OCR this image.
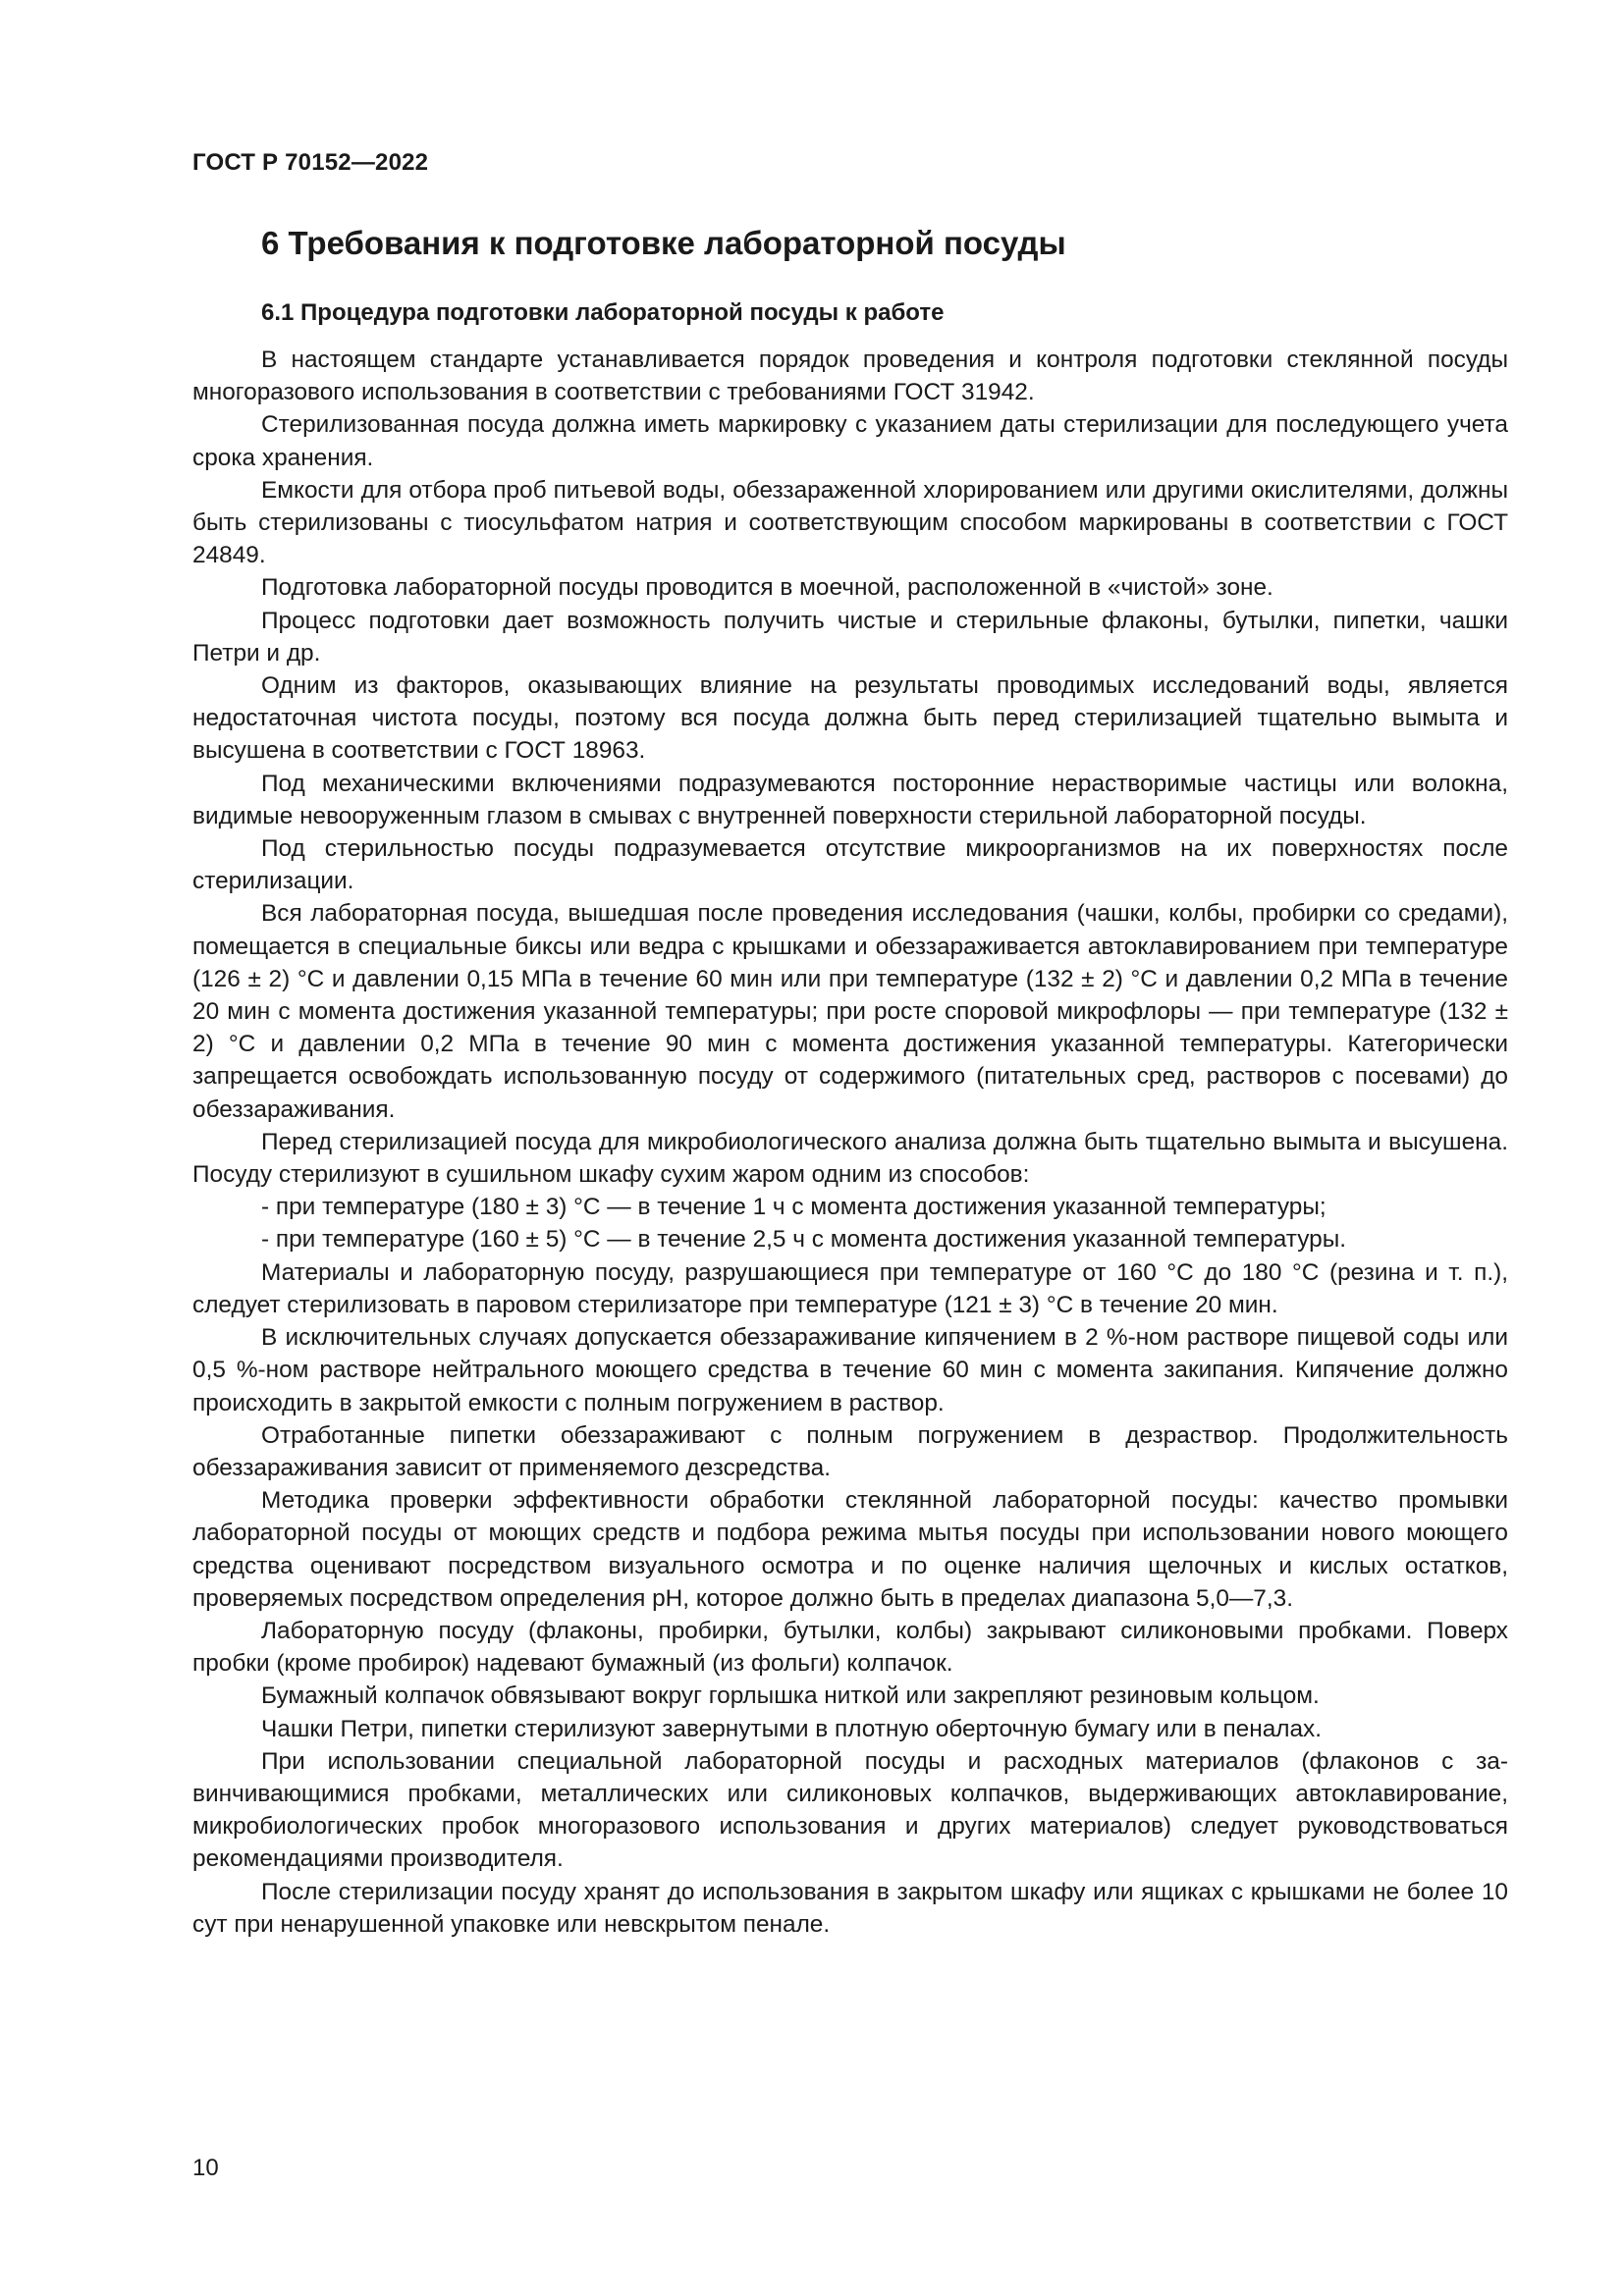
ГОСТ Р 70152—2022

6 Требования к подготовке лабораторной посуды
6.1 Процедура подготовки лабораторной посуды к работе

В настоящем стандарте устанавливается порядок проведения и контроля подготовки стеклянной посуды многоразового использования в соответствии с требованиями ГОСТ 31942.

Стерилизованная посуда должна иметь маркировку с указанием даты стерилизации для последующего учета срока хранения.

Емкости для отбора проб питьевой воды, обеззараженной хлорированием или другими окислителями, должны быть стерилизованы с тиосульфатом натрия и соответствующим способом маркированы в соответствии с ГОСТ 24849.

Подготовка лабораторной посуды проводится в моечной, расположенной в «чистой» зоне.

Процесс подготовки дает возможность получить чистые и стерильные флаконы, бутылки, пипетки, чашки Петри и др.

Одним из факторов, оказывающих влияние на результаты проводимых исследований воды, является недостаточная чистота посуды, поэтому вся посуда должна быть перед стерилизацией тщательно вымыта и высушена в соответствии с ГОСТ 18963.

Под механическими включениями подразумеваются посторонние нерастворимые частицы или волокна, видимые невооруженным глазом в смывах с внутренней поверхности стерильной лабораторной посуды.

Под стерильностью посуды подразумевается отсутствие микроорганизмов на их поверхностях после стерилизации.

Вся лабораторная посуда, вышедшая после проведения исследования (чашки, колбы, пробирки со средами), помещается в специальные биксы или ведра с крышками и обеззараживается автоклавированием при температуре (126 ± 2) °С и давлении 0,15 МПа в течение 60 мин или при температуре (132 ± 2) °С и давлении 0,2 МПа в течение 20 мин с момента достижения указанной температуры; при росте споровой микрофлоры — при температуре (132 ± 2) °С и давлении 0,2 МПа в течение 90 мин с момента достижения указанной температуры. Категорически запрещается освобождать использованную посуду от содержимого (питательных сред, растворов с посевами) до обеззараживания.

Перед стерилизацией посуда для микробиологического анализа должна быть тщательно вымыта и высушена. Посуду стерилизуют в сушильном шкафу сухим жаром одним из способов:

- при температуре (180 ± 3) °С — в течение 1 ч с момента достижения указанной температуры;

- при температуре (160 ± 5) °С — в течение 2,5 ч с момента достижения указанной температуры.

Материалы и лабораторную посуду, разрушающиеся при температуре от 160 °С до 180 °С (резина и т. п.), следует стерилизовать в паровом стерилизаторе при температуре (121 ± 3) °С в течение 20 мин.

В исключительных случаях допускается обеззараживание кипячением в 2 %-ном растворе пищевой соды или 0,5 %-ном растворе нейтрального моющего средства в течение 60 мин с момента закипания. Кипячение должно происходить в закрытой емкости с полным погружением в раствор.

Отработанные пипетки обеззараживают с полным погружением в дезраствор. Продолжительность обеззараживания зависит от применяемого дезсредства.

Методика проверки эффективности обработки стеклянной лабораторной посуды: качество промывки лабораторной посуды от моющих средств и подбора режима мытья посуды при использовании нового моющего средства оценивают посредством визуального осмотра и по оценке наличия щелочных и кислых остатков, проверяемых посредством определения pH, которое должно быть в пределах диапазона 5,0—7,3.

Лабораторную посуду (флаконы, пробирки, бутылки, колбы) закрывают силиконовыми пробками. Поверх пробки (кроме пробирок) надевают бумажный (из фольги) колпачок.

Бумажный колпачок обвязывают вокруг горлышка ниткой или закрепляют резиновым кольцом.

Чашки Петри, пипетки стерилизуют завернутыми в плотную оберточную бумагу или в пеналах.

При использовании специальной лабораторной посуды и расходных материалов (флаконов с завинчивающимися пробками, металлических или силиконовых колпачков, выдерживающих автоклавирование, микробиологических пробок многоразового использования и других материалов) следует руководствоваться рекомендациями производителя.

После стерилизации посуду хранят до использования в закрытом шкафу или ящиках с крышками не более 10 сут при ненарушенной упаковке или невскрытом пенале.

10
